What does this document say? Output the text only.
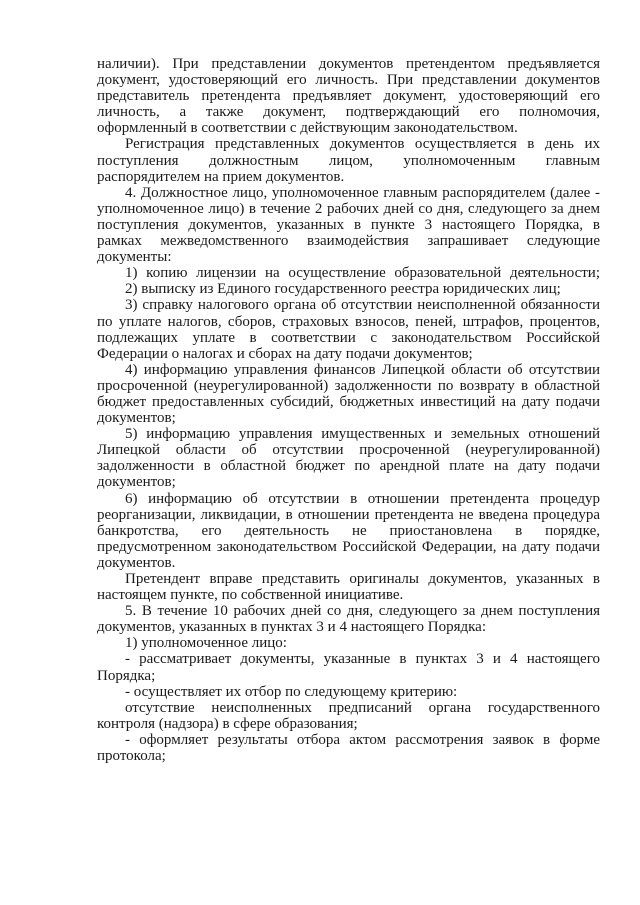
наличии). При представлении документов претендентом предъявляется

документ, удостоверяющий его личность. При представлении документов

представитель претендента предъявляет документ, удостоверяющий его

личность, а также документ, подтверждающий его полномочия,

оформленный в соответствии с действующим законодательством.

Регистрация представленных документов осуществляется в день их

поступления должностным лицом, уполномоченным главным

распорядителем на прием документов.

4. Должностное лицо, уполномоченное главным распорядителем (далее -

уполномоченное лицо) в течение 2 рабочих дней со дня, следующего за днем

поступления документов, указанных в пункте 3 настоящего Порядка, в

рамках межведомственного взаимодействия запрашивает следующие

документы:

1) копию лицензии на осуществление образовательной деятельности;

2) выписку из Единого государственного реестра юридических лиц;

3) справку налогового органа об отсутствии неисполненной обязанности

по уплате налогов, сборов, страховых взносов, пеней, штрафов, процентов,

подлежащих уплате в соответствии с законодательством Российской

Федерации о налогах и сборах на дату подачи документов;

4) информацию управления финансов Липецкой области об отсутствии

просроченной (неурегулированной) задолженности по возврату в областной

бюджет предоставленных субсидий, бюджетных инвестиций на дату подачи

документов;

5) информацию управления имущественных и земельных отношений

Липецкой области об отсутствии просроченной (неурегулированной)

задолженности в областной бюджет по арендной плате на дату подачи

документов;

6) информацию об отсутствии в отношении претендента процедур

реорганизации, ликвидации, в отношении претендента не введена процедура

банкротства, его деятельность не приостановлена в порядке,

предусмотренном законодательством Российской Федерации, на дату подачи

документов.

Претендент вправе представить оригиналы документов, указанных в

настоящем пункте, по собственной инициативе.

5. В течение 10 рабочих дней со дня, следующего за днем поступления

документов, указанных в пунктах 3 и 4 настоящего Порядка:

1) уполномоченное лицо:

- рассматривает документы, указанные в пунктах 3 и 4 настоящего

Порядка;

- осуществляет их отбор по следующему критерию:

отсутствие неисполненных предписаний органа государственного

контроля (надзора) в сфере образования;

- оформляет результаты отбора актом рассмотрения заявок в форме

протокола;
